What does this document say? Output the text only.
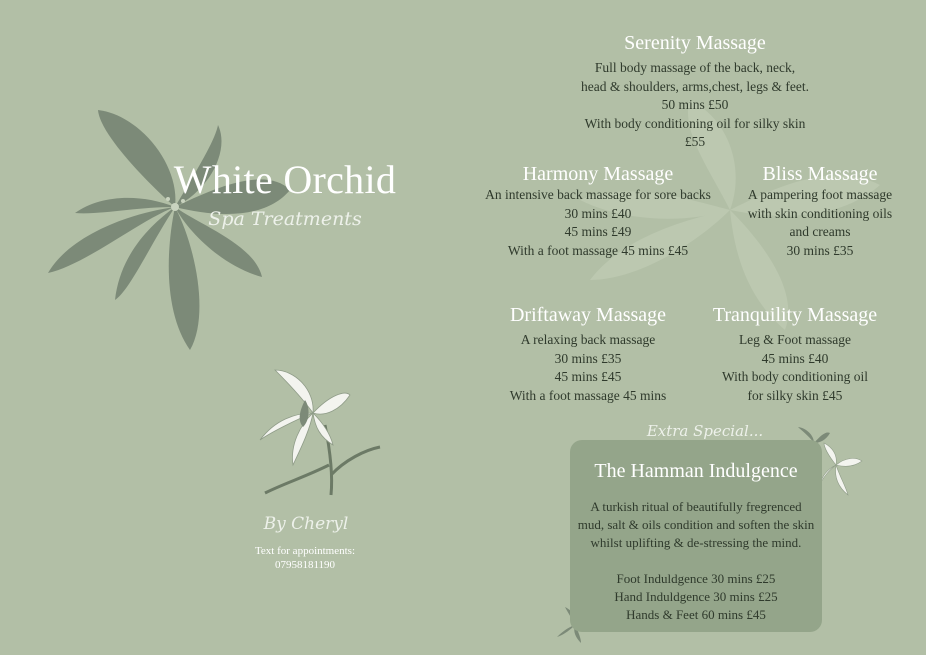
White Orchid
Spa Treatments
By Cheryl
Text for appointments:
07958181190
Serenity Massage
Full body massage of the back, neck,
head & shoulders, arms,chest, legs & feet.
50 mins £50
With body conditioning oil for silky skin
£55
Harmony Massage
An intensive back massage for sore backs
30 mins £40
45 mins £49
With a foot massage 45 mins £45
Bliss Massage
A pampering foot massage
with skin conditioning oils
and creams
30 mins £35
Driftaway Massage
A relaxing back massage
30 mins £35
45 mins £45
With a foot massage 45 mins
Tranquility Massage
Leg & Foot massage
45 mins £40
With body conditioning oil
for silky skin £45
The Hamman Indulgence
A turkish ritual of beautifully fregrenced
mud, salt & oils condition and soften the skin
whilst uplifting & de-stressing the mind.
Foot Induldgence 30 mins £25
Hand Induldgence 30 mins £25
Hands & Feet 60 mins £45
Extra Special...
